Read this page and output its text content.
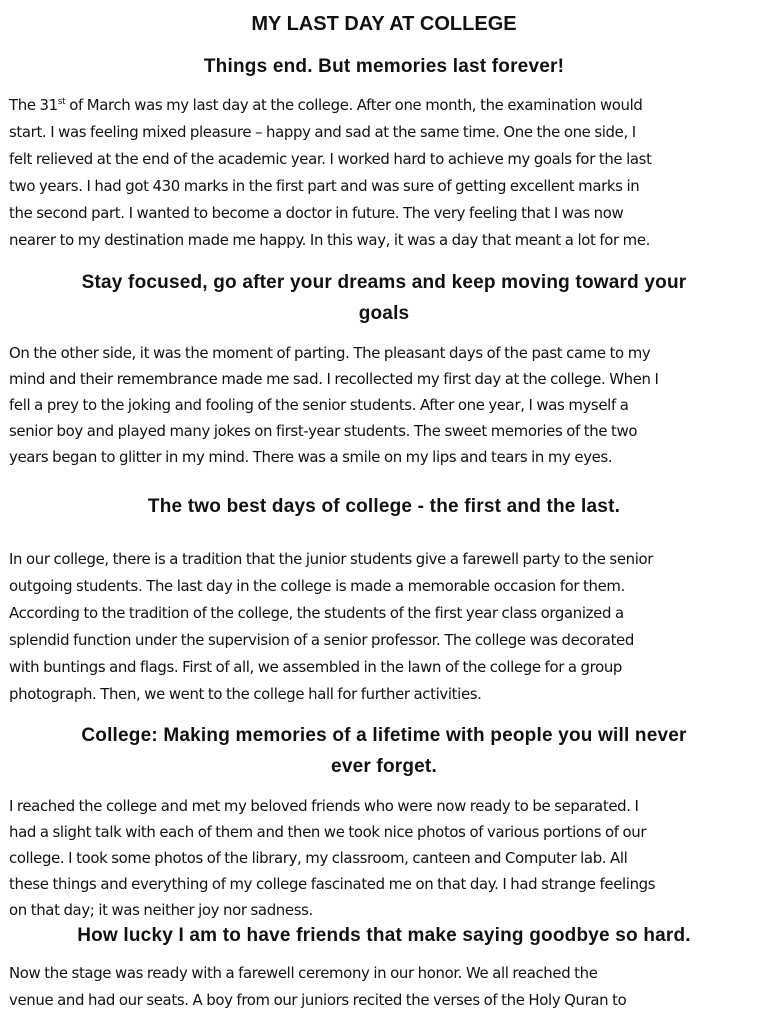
MY LAST DAY AT COLLEGE
Things end. But memories last forever!

The 31st of March was my last day at the college. After one month, the examination would
start. I was feeling mixed pleasure – happy and sad at the same time. One the one side, I
felt relieved at the end of the academic year. I worked hard to achieve my goals for the last
two years. I had got 430 marks in the first part and was sure of getting excellent marks in
the second part. I wanted to become a doctor in future. The very feeling that I was now
nearer to my destination made me happy. In this way, it was a day that meant a lot for me.

Stay focused, go after your dreams and keep moving toward your
goals

On the other side, it was the moment of parting. The pleasant days of the past came to my
mind and their remembrance made me sad. I recollected my first day at the college. When I
fell a prey to the joking and fooling of the senior students. After one year, I was myself a
senior boy and played many jokes on first-year students. The sweet memories of the two
years began to glitter in my mind. There was a smile on my lips and tears in my eyes.

The two best days of college - the first and the last.

In our college, there is a tradition that the junior students give a farewell party to the senior
outgoing students. The last day in the college is made a memorable occasion for them.
According to the tradition of the college, the students of the first year class organized a
splendid function under the supervision of a senior professor. The college was decorated
with buntings and flags. First of all, we assembled in the lawn of the college for a group
photograph. Then, we went to the college hall for further activities.

College: Making memories of a lifetime with people you will never
ever forget.

I reached the college and met my beloved friends who were now ready to be separated. I
had a slight talk with each of them and then we took nice photos of various portions of our
college. I took some photos of the library, my classroom, canteen and Computer lab. All
these things and everything of my college fascinated me on that day. I had strange feelings
on that day; it was neither joy nor sadness.

How lucky I am to have friends that make saying goodbye so hard.

Now the stage was ready with a farewell ceremony in our honor. We all reached the
venue and had our seats. A boy from our juniors recited the verses of the Holy Quran to
